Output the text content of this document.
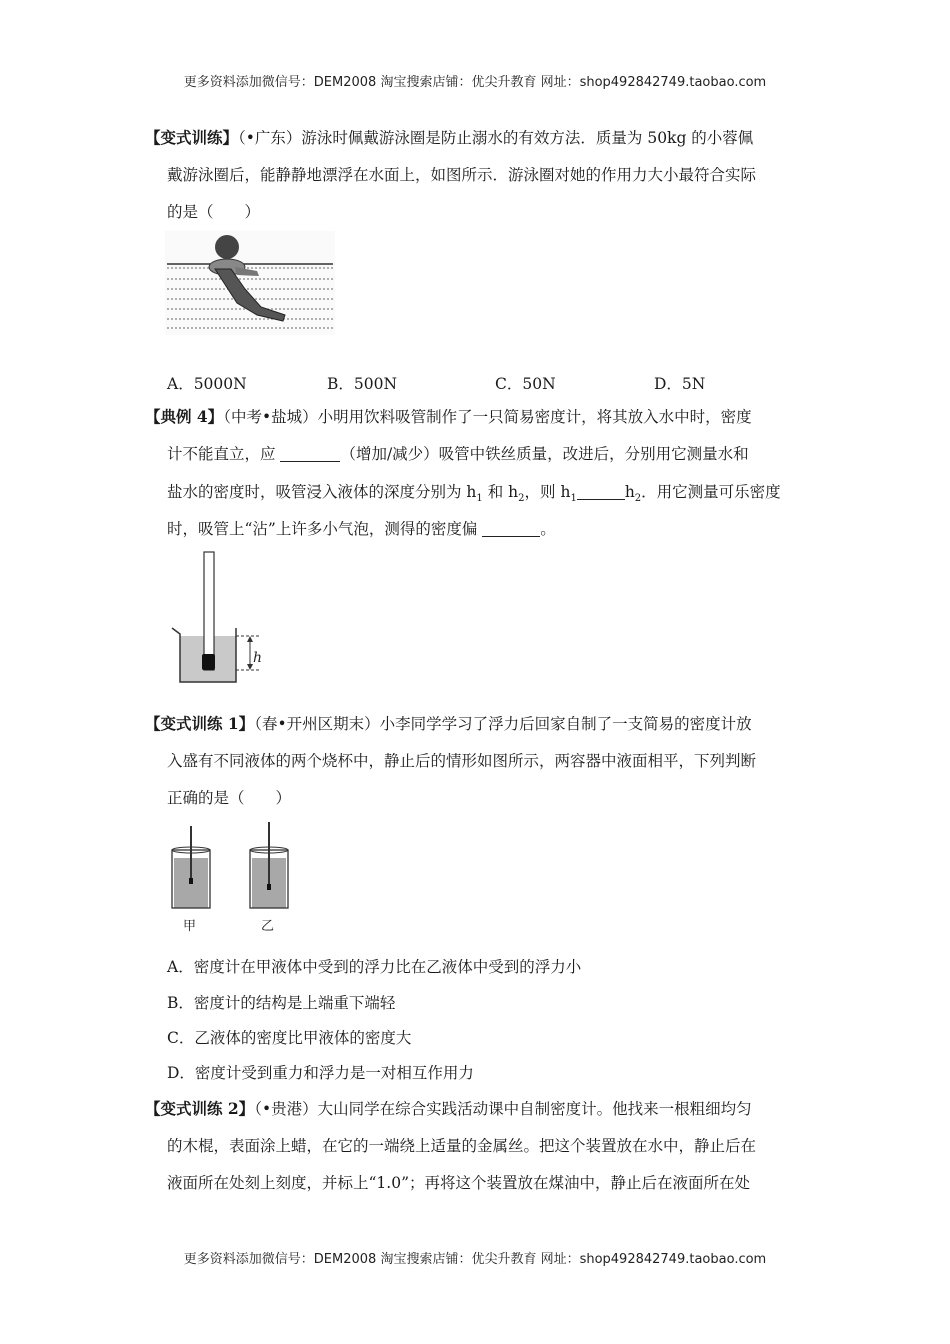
更多资料添加微信号：DEM2008 淘宝搜索店铺：优尖升教育 网址：shop492842749.taobao.com
【变式训练】（•广东）游泳时佩戴游泳圈是防止溺水的有效方法．质量为 50kg 的小蓉佩
戴游泳圈后，能静静地漂浮在水面上，如图所示．游泳圈对她的作用力大小最符合实际
的是（　　）
A．5000N	B．500N	C．50N	D．5N
【典例 4】（中考•盐城）小明用饮料吸管制作了一只简易密度计，将其放入水中时，密度
计不能直立，应	（增加/减少）吸管中铁丝质量，改进后，分别用它测量水和
盐水的密度时，吸管浸入液体的深度分别为 $h_1$ 和 $h_2$，则 $h_1$	$h_2$．用它测量可乐密度
时，吸管上“沾”上许多小气泡，测得的密度偏	。
h
【变式训练 1】（春•开州区期末）小李同学学习了浮力后回家自制了一支简易的密度计放
入盛有不同液体的两个烧杯中，静止后的情形如图所示，两容器中液面相平，下列判断
正确的是（　　）
甲	乙
A．密度计在甲液体中受到的浮力比在乙液体中受到的浮力小
B．密度计的结构是上端重下端轻
C．乙液体的密度比甲液体的密度大
D．密度计受到重力和浮力是一对相互作用力
【变式训练 2】（•贵港）大山同学在综合实践活动课中自制密度计。他找来一根粗细均匀
的木棍，表面涂上蜡，在它的一端绕上适量的金属丝。把这个装置放在水中，静止后在
液面所在处刻上刻度，并标上“1.0”；再将这个装置放在煤油中，静止后在液面所在处
更多资料添加微信号：DEM2008 淘宝搜索店铺：优尖升教育 网址：shop492842749.taobao.com
